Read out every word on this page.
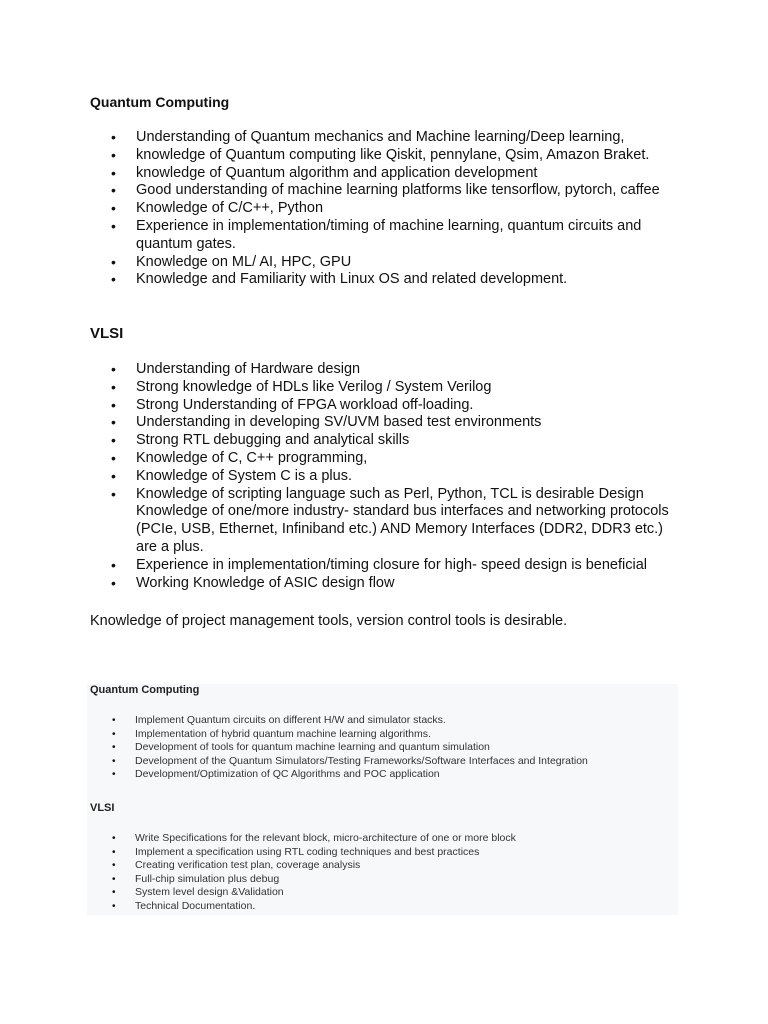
Quantum Computing
• Understanding of Quantum mechanics and Machine learning/Deep learning,
• knowledge of Quantum computing like Qiskit, pennylane, Qsim, Amazon Braket.
• knowledge of Quantum algorithm and application development
• Good understanding of machine learning platforms like tensorflow, pytorch, caffee
• Knowledge of C/C++, Python
• Experience in implementation/timing of machine learning, quantum circuits and quantum gates.
• Knowledge on ML/ AI, HPC, GPU
• Knowledge and Familiarity with Linux OS and related development.
VLSI
• Understanding of Hardware design
• Strong knowledge of HDLs like Verilog / System Verilog
• Strong Understanding of FPGA workload off-loading.
• Understanding in developing SV/UVM based test environments
• Strong RTL debugging and analytical skills
• Knowledge of C, C++ programming,
• Knowledge of System C is a plus.
• Knowledge of scripting language such as Perl, Python, TCL is desirable Design Knowledge of one/more industry- standard bus interfaces and networking protocols (PCIe, USB, Ethernet, Infiniband etc.) AND Memory Interfaces (DDR2, DDR3 etc.) are a plus.
• Experience in implementation/timing closure for high- speed design is beneficial
• Working Knowledge of ASIC design flow

Knowledge of project management tools, version control tools is desirable.

Quantum Computing
• Implement Quantum circuits on different H/W and simulator stacks.
• Implementation of hybrid quantum machine learning algorithms.
• Development of tools for quantum machine learning and quantum simulation
• Development of the Quantum Simulators/Testing Frameworks/Software Interfaces and Integration
• Development/Optimization of QC Algorithms and POC application
VLSI
• Write Specifications for the relevant block, micro-architecture of one or more block
• Implement a specification using RTL coding techniques and best practices
• Creating verification test plan, coverage analysis
• Full-chip simulation plus debug
• System level design &Validation
• Technical Documentation.
